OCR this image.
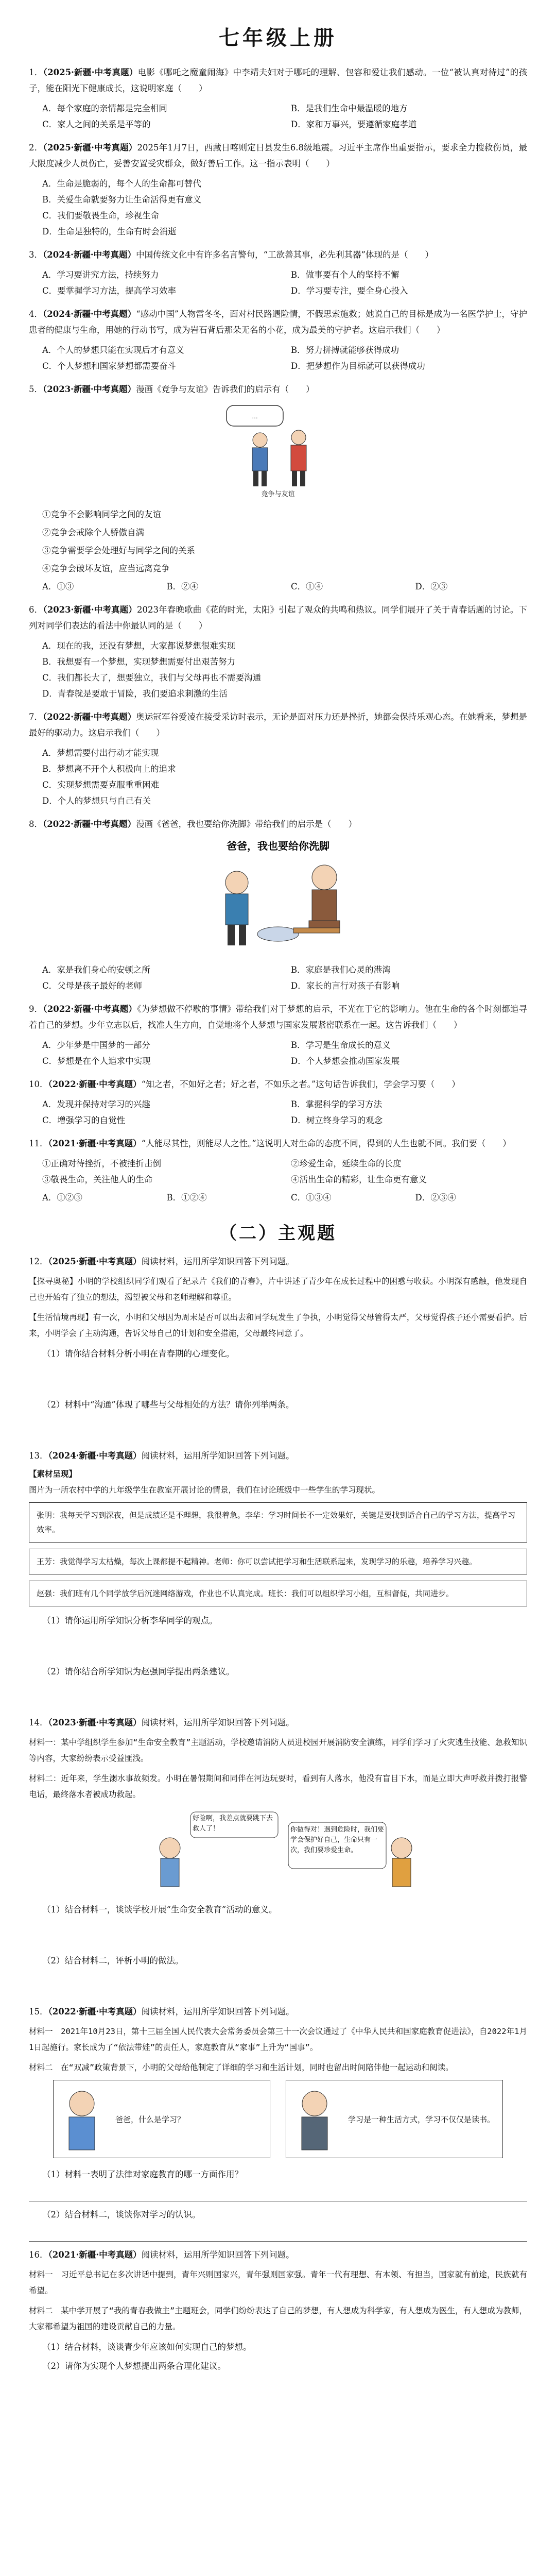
七年级上册

1．（2025·新疆·中考真题）电影《哪吒之魔童闹海》中李靖夫妇对于哪吒的理解、包容和爱让我们感动。一位“被认真对待过”的孩子，能在阳光下健康成长，这说明家庭（　　）

A．每个家庭的亲情都是完全相同	B．是我们生命中最温暖的地方
C．家人之间的关系是平等的	D．家和万事兴，要遵循家庭孝道

2．（2025·新疆·中考真题）2025年1月7日，西藏日喀则定日县发生6.8级地震。习近平主席作出重要指示，要求全力搜救伤员，最大限度减少人员伤亡，妥善安置受灾群众，做好善后工作。这一指示表明（　　）

A．生命是脆弱的，每个人的生命都可替代
B．关爱生命就要努力让生命活得更有意义
C．我们要敬畏生命，珍视生命
D．生命是独特的，生命有时会消逝

3．（2024·新疆·中考真题）中国传统文化中有许多名言警句，“工欲善其事，必先利其器”体现的是（　　）

A．学习要讲究方法，持续努力	B．做事要有个人的坚持不懈
C．要掌握学习方法，提高学习效率	D．学习要专注，要全身心投入

4．（2024·新疆·中考真题）“感动中国”人物雷冬冬，面对村民路遇险情，不假思索施救；她说自己的目标是成为一名医学护士，守护患者的健康与生命，用她的行动书写，成为岩石背后那朵无名的小花，成为最美的守护者。这启示我们（　　）

A．个人的梦想只能在实现后才有意义	B．努力拼搏就能够获得成功
C．个人梦想和国家梦想都需要奋斗	D．把梦想作为目标就可以获得成功

5．（2023·新疆·中考真题）漫画《竞争与友谊》告诉我们的启示有（　　）

…
竞争与友谊
①竞争不会影响同学之间的友谊
②竞争会戒除个人骄傲自满
③竞争需要学会处理好与同学之间的关系
④竞争会破坏友谊，应当远离竞争
A．①③	B．②④	C．①④	D．②③

6．（2023·新疆·中考真题）2023年春晚歌曲《花的时光，太阳》引起了观众的共鸣和热议。同学们展开了关于青春话题的讨论。下列对同学们表达的看法中你最认同的是（　　）

A．现在的我，还没有梦想，大家都说梦想很难实现
B．我想要有一个梦想，实现梦想需要付出艰苦努力
C．我们都长大了，想要独立，我们与父母再也不需要沟通
D．青春就是要敢于冒险，我们要追求刺激的生活

7．（2022·新疆·中考真题）奥运冠军谷爱凌在接受采访时表示，无论是面对压力还是挫折，她都会保持乐观心态。在她看来，梦想是最好的驱动力。这启示我们（　　）

A．梦想需要付出行动才能实现
B．梦想离不开个人积极向上的追求
C．实现梦想需要克服重重困难
D．个人的梦想只与自己有关

8．（2022·新疆·中考真题）漫画《爸爸，我也要给你洗脚》带给我们的启示是（　　）

爸爸，我也要给你洗脚
A．家是我们身心的安顿之所	B．家庭是我们心灵的港湾
C．父母是孩子最好的老师	D．家长的言行对孩子有影响

9．（2022·新疆·中考真题）《为梦想做不停歇的事情》带给我们对于梦想的启示，不光在于它的影响力。他在生命的各个时刻都追寻着自己的梦想。少年立志以后，找准人生方向，自觉地将个人梦想与国家发展紧密联系在一起。这告诉我们（　　）

A．少年梦是中国梦的一部分	B．学习是生命成长的意义
C．梦想是在个人追求中实现	D．个人梦想会推动国家发展

10．（2022·新疆·中考真题）“知之者，不如好之者；好之者，不如乐之者。”这句话告诉我们，学会学习要（　　）

A．发现并保持对学习的兴趣	B．掌握科学的学习方法
C．增强学习的自觉性	D．树立终身学习的观念

11．（2021·新疆·中考真题）“人能尽其性，则能尽人之性。”这说明人对生命的态度不同，得到的人生也就不同。我们要（　　）

①正确对待挫折，不被挫折击倒	②珍爱生命，延续生命的长度
③敬畏生命，关注他人的生命	④活出生命的精彩，让生命更有意义
A．①②③	B．①②④	C．①③④	D．②③④
（二）主观题

12．（2025·新疆·中考真题）阅读材料，运用所学知识回答下列问题。

【探寻奥秘】小明的学校组织同学们观看了纪录片《我们的青春》，片中讲述了青少年在成长过程中的困惑与收获。小明深有感触，他发现自己也开始有了独立的想法，渴望被父母和老师理解和尊重。

【生活情境再现】有一次，小明和父母因为周末是否可以出去和同学玩发生了争执，小明觉得父母管得太严，父母觉得孩子还小需要看护。后来，小明学会了主动沟通，告诉父母自己的计划和安全措施，父母最终同意了。

（1）请你结合材料分析小明在青春期的心理变化。
（2）材料中“沟通”体现了哪些与父母相处的方法？请你列举两条。

13．（2024·新疆·中考真题）阅读材料，运用所学知识回答下列问题。

【素材呈现】

图片为一所农村中学的九年级学生在教室开展讨论的情景，我们在讨论班级中一些学生的学习现状。

张明：我每天学习到深夜，但是成绩还是不理想，我很着急。李华：学习时间长不一定效果好，关键是要找到适合自己的学习方法，提高学习效率。
王芳：我觉得学习太枯燥，每次上课都提不起精神。老师：你可以尝试把学习和生活联系起来，发现学习的乐趣，培养学习兴趣。
赵强：我们班有几个同学放学后沉迷网络游戏，作业也不认真完成。班长：我们可以组织学习小组，互相督促，共同进步。
（1）请你运用所学知识分析李华同学的观点。
（2）请你结合所学知识为赵强同学提出两条建议。

14．（2023·新疆·中考真题）阅读材料，运用所学知识回答下列问题。

材料一：某中学组织学生参加“生命安全教育”主题活动，学校邀请消防人员进校园开展消防安全演练，同学们学习了火灾逃生技能、急救知识等内容，大家纷纷表示受益匪浅。

材料二：近年来，学生溺水事故频发。小明在暑假期间和同伴在河边玩耍时，看到有人落水，他没有盲目下水，而是立即大声呼救并拨打报警电话，最终落水者被成功救起。

好险啊，我差点就要跳下去救人了！	你做得对！遇到危险时，我们要学会保护好自己，生命只有一次，我们要珍爱生命。
（1）结合材料一，谈谈学校开展“生命安全教育”活动的意义。
（2）结合材料二，评析小明的做法。

15．（2022·新疆·中考真题）阅读材料，运用所学知识回答下列问题。

材料一　2021年10月23日，第十三届全国人民代表大会常务委员会第三十一次会议通过了《中华人民共和国家庭教育促进法》，自2022年1月1日起施行。家长成为了“依法带娃”的责任人，家庭教育从“家事”上升为“国事”。

材料二　在“双减”政策背景下，小明的父母给他制定了详细的学习和生活计划，同时也留出时间陪伴他一起运动和阅读。

爸爸，什么是学习？	学习是一种生活方式，学习不仅仅是读书。
（1）材料一表明了法律对家庭教育的哪一方面作用？
（2）结合材料二，谈谈你对学习的认识。

16．（2021·新疆·中考真题）阅读材料，运用所学知识回答下列问题。

材料一　习近平总书记在多次讲话中提到，青年兴则国家兴，青年强则国家强。青年一代有理想、有本领、有担当，国家就有前途，民族就有希望。

材料二　某中学开展了“我的青春我做主”主题班会，同学们纷纷表达了自己的梦想，有人想成为科学家，有人想成为医生，有人想成为教师，大家都希望为祖国的建设贡献自己的力量。

（1）结合材料，谈谈青少年应该如何实现自己的梦想。
（2）请你为实现个人梦想提出两条合理化建议。
